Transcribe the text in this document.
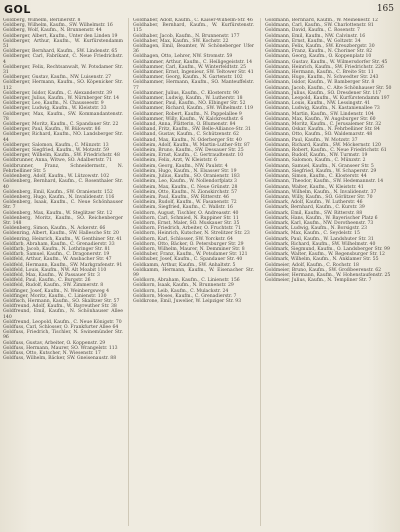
GOL	165

Goldberg, Wilhelm, Berlinerstr. 8

Goldberg, Wilhelm, Kaufm., SW. Wilhelmstr. 16

Goldberg, Wolf, Kaufm., N. Brunnenstr. 44

Goldberger, Albert, Kaufm., Unter den Linden 19

Goldberger, Arthur, Kaufm., W. Kurfürstendamm 51

Goldberger, Bernhard, Kaufm., SW. Lindenstr. 65

Goldberger, Carl, Fabrikant, C. Neue Friedrichstr. 4

Goldberger, Felix, Rechtsanwalt, W. Potsdamer Str. 31

Goldberger, Gustav, Kaufm., NW. Luisenstr. 27

Goldberger, Hermann, Kaufm., SO. Köpenicker Str. 112

Goldberger, Isidor, Kaufm., C. Alexanderstr. 39

Goldberger, Julius, Kaufm., W. Nürnberger Str. 14

Goldberger, Leo, Kaufm., N. Chausseestr. 9

Goldberger, Ludwig, Kaufm., W. Kleiststr. 33

Goldberger, Max, Kaufm., SW. Kommandantenstr. 78

Goldberger, Moritz, Kaufm., C. Spandauer Str. 22

Goldberger, Paul, Kaufm., W. Bülowstr. 86

Goldberger, Richard, Kaufm., NO. Landsberger Str. 44

Goldberger, Salomon, Kaufm., C. Münzstr. 13

Goldberger, Siegfried, Kaufm., W. Motzstr. 59

Goldberger, Wilhelm, Kaufm., SW. Friedrichstr. 48

Goldbrunner, Anna, Witwe, SO. Adalbertstr. 71

Goldbrunner, Franz, Schneidermstr., N. Fehrbelliner Str. 5

Goldenberg, Adolf, Kaufm., W. Lützowstr. 102

Goldenberg, Bernhard, Kaufm., C. Rosenthaler Str. 40

Goldenberg, Emil, Kaufm., SW. Oranienstr. 152

Goldenberg, Hugo, Kaufm., N. Invalidenstr. 116

Goldenberg, Isaak, Kaufm., C. Neue Schönhauser Str. 7

Goldenberg, Max, Kaufm., W. Steglitzer Str. 12

Goldenberg, Moritz, Kaufm., SO. Reichenberger Str. 148

Goldenberg, Simon, Kaufm., N. Ackerstr. 66

Goldenring, Albert, Kaufm., SW. Hallesche Str. 20

Goldenring, Heinrich, Kaufm., W. Genthiner Str. 41

Goldfarb, Abraham, Kaufm., C. Grenadierstr. 33

Goldfarb, Jacob, Kaufm., N. Lothringer Str. 81

Goldfarb, Samuel, Kaufm., C. Dragonerstr. 19

Goldfeld, Arthur, Kaufm., W. Ansbacher Str. 47

Goldfeld, Hermann, Kaufm., SW. Markgrafenstr. 91

Goldfeld, Louis, Kaufm., NW. Alt Moabit 110

Goldfeld, Max, Kaufm., W. Passauer Str. 3

Goldfeld, Paul, Kaufm., C. Burgstr. 26

Goldfeld, Rudolf, Kaufm., SW. Zimmerstr. 8

Goldfinger, Josef, Kaufm., N. Weinbergsweg 4

Goldfinger, Moritz, Kaufm., C. Linienstr. 130

Goldfisch, Hermann, Kaufm., SO. Skalitzer Str. 57

Goldfreund, Adolf, Kaufm., W. Bayreuther Str. 38

Goldfreund, Emil, Kaufm., N. Schönhauser Allee 140

Goldfreund, Leopold, Kaufm., C. Neue Königstr. 70

Goldfuss, Carl, Schlosser, O. Frankfurter Allee 64

Goldfuss, Friedrich, Tischler, N. Swinemünder Str. 96

Goldfuss, Gustav, Arbeiter, O. Koppenstr. 29

Goldfuss, Hermann, Maurer, SO. Wrangelstr. 113

Goldfuss, Otto, Kutscher, N. Wiesenstr. 17

Goldfuss, Wilhelm, Bäcker, SW. Gneisenaustr. 88

Goldhaber, Adolf, Kaufm., C. Kaiser-Wilhelm-Str. 46

Goldhaber, Bernhard, Kaufm., W. Kurfürstenstr. 115

Goldhaber, Jacob, Kaufm., N. Brunnenstr. 177

Goldhaber, Max, Kaufm., SW. Kochstr. 22

Goldhagen, Emil, Beamter, W. Schöneberger Ufer 36

Goldhagen, Otto, Lehrer, NW. Stromstr. 59

Goldhammer, Arthur, Kaufm., C. Heiligegeiststr. 14

Goldhammer, Carl, Kaufm., W. Winterfeldtstr. 25

Goldhammer, Ernst, Ingenieur, SW. Teltower Str. 41

Goldhammer, Georg, Kaufm., N. Gartenstr. 102

Goldhammer, Hermann, Kaufm., SO. Manteuffelstr. 77

Goldhammer, Julius, Kaufm., C. Klosterstr. 90

Goldhammer, Ludwig, Kaufm., W. Lutherstr. 18

Goldhammer, Paul, Kaufm., NO. Elbinger Str. 52

Goldhammer, Richard, Kaufm., SW. Wilhelmstr. 119

Goldhammer, Robert, Kaufm., N. Pappelallee 9

Goldhammer, Willy, Kaufm., W. Kalckreuthstr. 6

Goldhand, Anna, Plätterin, O. Blumenstr. 84

Goldhand, Fritz, Kaufm., SW. Belle-Alliance-Str. 31

Goldhand, Gustav, Kaufm., C. Schützenstr. 62

Goldhand, Max, Kaufm., N. Oderberger Str. 40

Goldheim, Adolf, Kaufm., W. Martin-Luther-Str. 87

Goldheim, Bruno, Kaufm., SW. Dessauer Str. 25

Goldheim, Ernst, Kaufm., C. Gertraudtenstr. 10

Goldheim, Felix, Arzt, W. Kleiststr. 6

Goldheim, Georg, Kaufm., NW. Paulstr. 4

Goldheim, Hugo, Kaufm., N. Elsasser Str. 19

Goldheim, Julius, Kaufm., SO. Oranienstr. 183

Goldheim, Leo, Kaufm., W. Nollendorfplatz 3

Goldheim, Max, Kaufm., C. Neue Grünstr. 28

Goldheim, Otto, Kaufm., N. Zionskirchstr. 57

Goldheim, Paul, Kaufm., SW. Ritterstr. 46

Goldheim, Rudolf, Kaufm., W. Fasanenstr. 72

Goldheim, Siegfried, Kaufm., C. Wallstr. 16

Goldhorn, August, Tischler, O. Andreasstr. 40

Goldhorn, Carl, Schmied, N. Ruppiner Str. 11

Goldhorn, Ernst, Maler, SO. Muskauer Str. 35

Goldhorn, Friedrich, Arbeiter, O. Fruchtstr. 71

Goldhorn, Heinrich, Kutscher, N. Strelitzer Str. 23

Goldhorn, Karl, Schlosser, SW. Yorckstr. 64

Goldhorn, Otto, Bäcker, O. Petersburger Str. 29

Goldhorn, Wilhelm, Maurer, N. Demminer Str. 8

Goldhuber, Franz, Kaufm., W. Potsdamer Str. 121

Goldhuber, Josef, Kaufm., C. Spandauer Str. 40

Goldkamm, Arthur, Kaufm., SW. Anhaltstr. 5

Goldkamm, Hermann, Kaufm., W. Eisenacher Str. 99

Goldkorn, Abraham, Kaufm., C. Linienstr. 156

Goldkorn, Isaak, Kaufm., N. Brunnenstr. 29

Goldkorn, Leib, Kaufm., C. Mulackstr. 24

Goldkorn, Moses, Kaufm., C. Grenadierstr. 7

Goldkrone, Emil, Juwelier, W. Leipziger Str. 93

Goldmann, Bernhard, Kaufm., W. Meinekestr. 12

Goldmann, Carl, Kaufm., SW. Charlottenstr. 81

Goldmann, David, Kaufm., C. Rosenstr. 7

Goldmann, Emil, Kaufm., NW. Calvinstr. 16

Goldmann, Ernst, Kaufm., W. Goltzstr. 34

Goldmann, Felix, Kaufm., SW. Kreuzbergstr. 30

Goldmann, Franz, Kaufm., N. Choriner Str. 82

Goldmann, Georg, Kaufm., O. Koppenplatz 10

Goldmann, Gustav, Kaufm., W. Wilmersdorfer Str. 45

Goldmann, Heinrich, Kaufm., SW. Friedrichstr. 226

Goldmann, Hermann, Kaufm., C. Breite Str. 11

Goldmann, Hugo, Kaufm., N. Schwedter Str. 243

Goldmann, Isidor, Kaufm., W. Bamberger Str. 8

Goldmann, Jacob, Kaufm., C. Alte Schönhauser Str. 50

Goldmann, Julius, Kaufm., SO. Dresdener Str. 117

Goldmann, Leopold, Kaufm., W. Kurfürstendamm 197

Goldmann, Louis, Kaufm., NW. Lessingstr. 41

Goldmann, Ludwig, Kaufm., N. Kastanienallee 73

Goldmann, Martin, Kaufm., SW. Lindenstr. 104

Goldmann, Max, Kaufm., W. Augsburger Str. 60

Goldmann, Moritz, Kaufm., C. Jerusalemer Str. 32

Goldmann, Oskar, Kaufm., N. Fehrbelliner Str. 84

Goldmann, Otto, Kaufm., SO. Waldemarstr. 48

Goldmann, Paul, Kaufm., W. Motzstr. 37

Goldmann, Richard, Kaufm., SW. Möckernstr. 120

Goldmann, Robert, Kaufm., C. Neue Friedrichstr. 61

Goldmann, Rudolf, Kaufm., NW. Turmstr. 19

Goldmann, Salomon, Kaufm., C. Münzstr. 2

Goldmann, Samuel, Kaufm., N. Granseer Str. 5

Goldmann, Siegfried, Kaufm., W. Schaperstr. 29

Goldmann, Simon, Kaufm., C. Klosterstr. 44

Goldmann, Theodor, Kaufm., SW. Hedemannstr. 14

Goldmann, Walter, Kaufm., W. Kleiststr. 41

Goldmann, Wilhelm, Kaufm., N. Invalidenstr. 37

Goldmann, Willy, Kaufm., SO. Görlitzer Str. 70

Goldmark, Adolf, Kaufm., W. Lutherstr. 46

Goldmark, Bernhard, Kaufm., C. Kurstr. 39

Goldmark, Emil, Kaufm., SW. Ritterstr. 88

Goldmark, Hans, Kaufm., W. Bayerischer Platz 6

Goldmark, Karl, Kaufm., NW. Dorotheenstr. 73

Goldmark, Ludwig, Kaufm., N. Borsigstr. 23

Goldmark, Max, Kaufm., C. Seydelstr. 15

Goldmark, Paul, Kaufm., W. Landshuter Str. 31

Goldmark, Richard, Kaufm., SW. Wilhelmstr. 40

Goldmark, Siegmund, Kaufm., O. Landsberger Str. 99

Goldmark, Walter, Kaufm., W. Regensburger Str. 12

Goldmark, Wilhelm, Kaufm., N. Anklamer Str. 55

Goldmeier, Adolf, Kaufm., C. Rochstr. 18

Goldmeier, Bruno, Kaufm., SW. Großbeerenstr. 62

Goldmeier, Hermann, Kaufm., W. Hohenstaufenstr. 25

Goldmeier, Julius, Kaufm., N. Templiner Str. 7
